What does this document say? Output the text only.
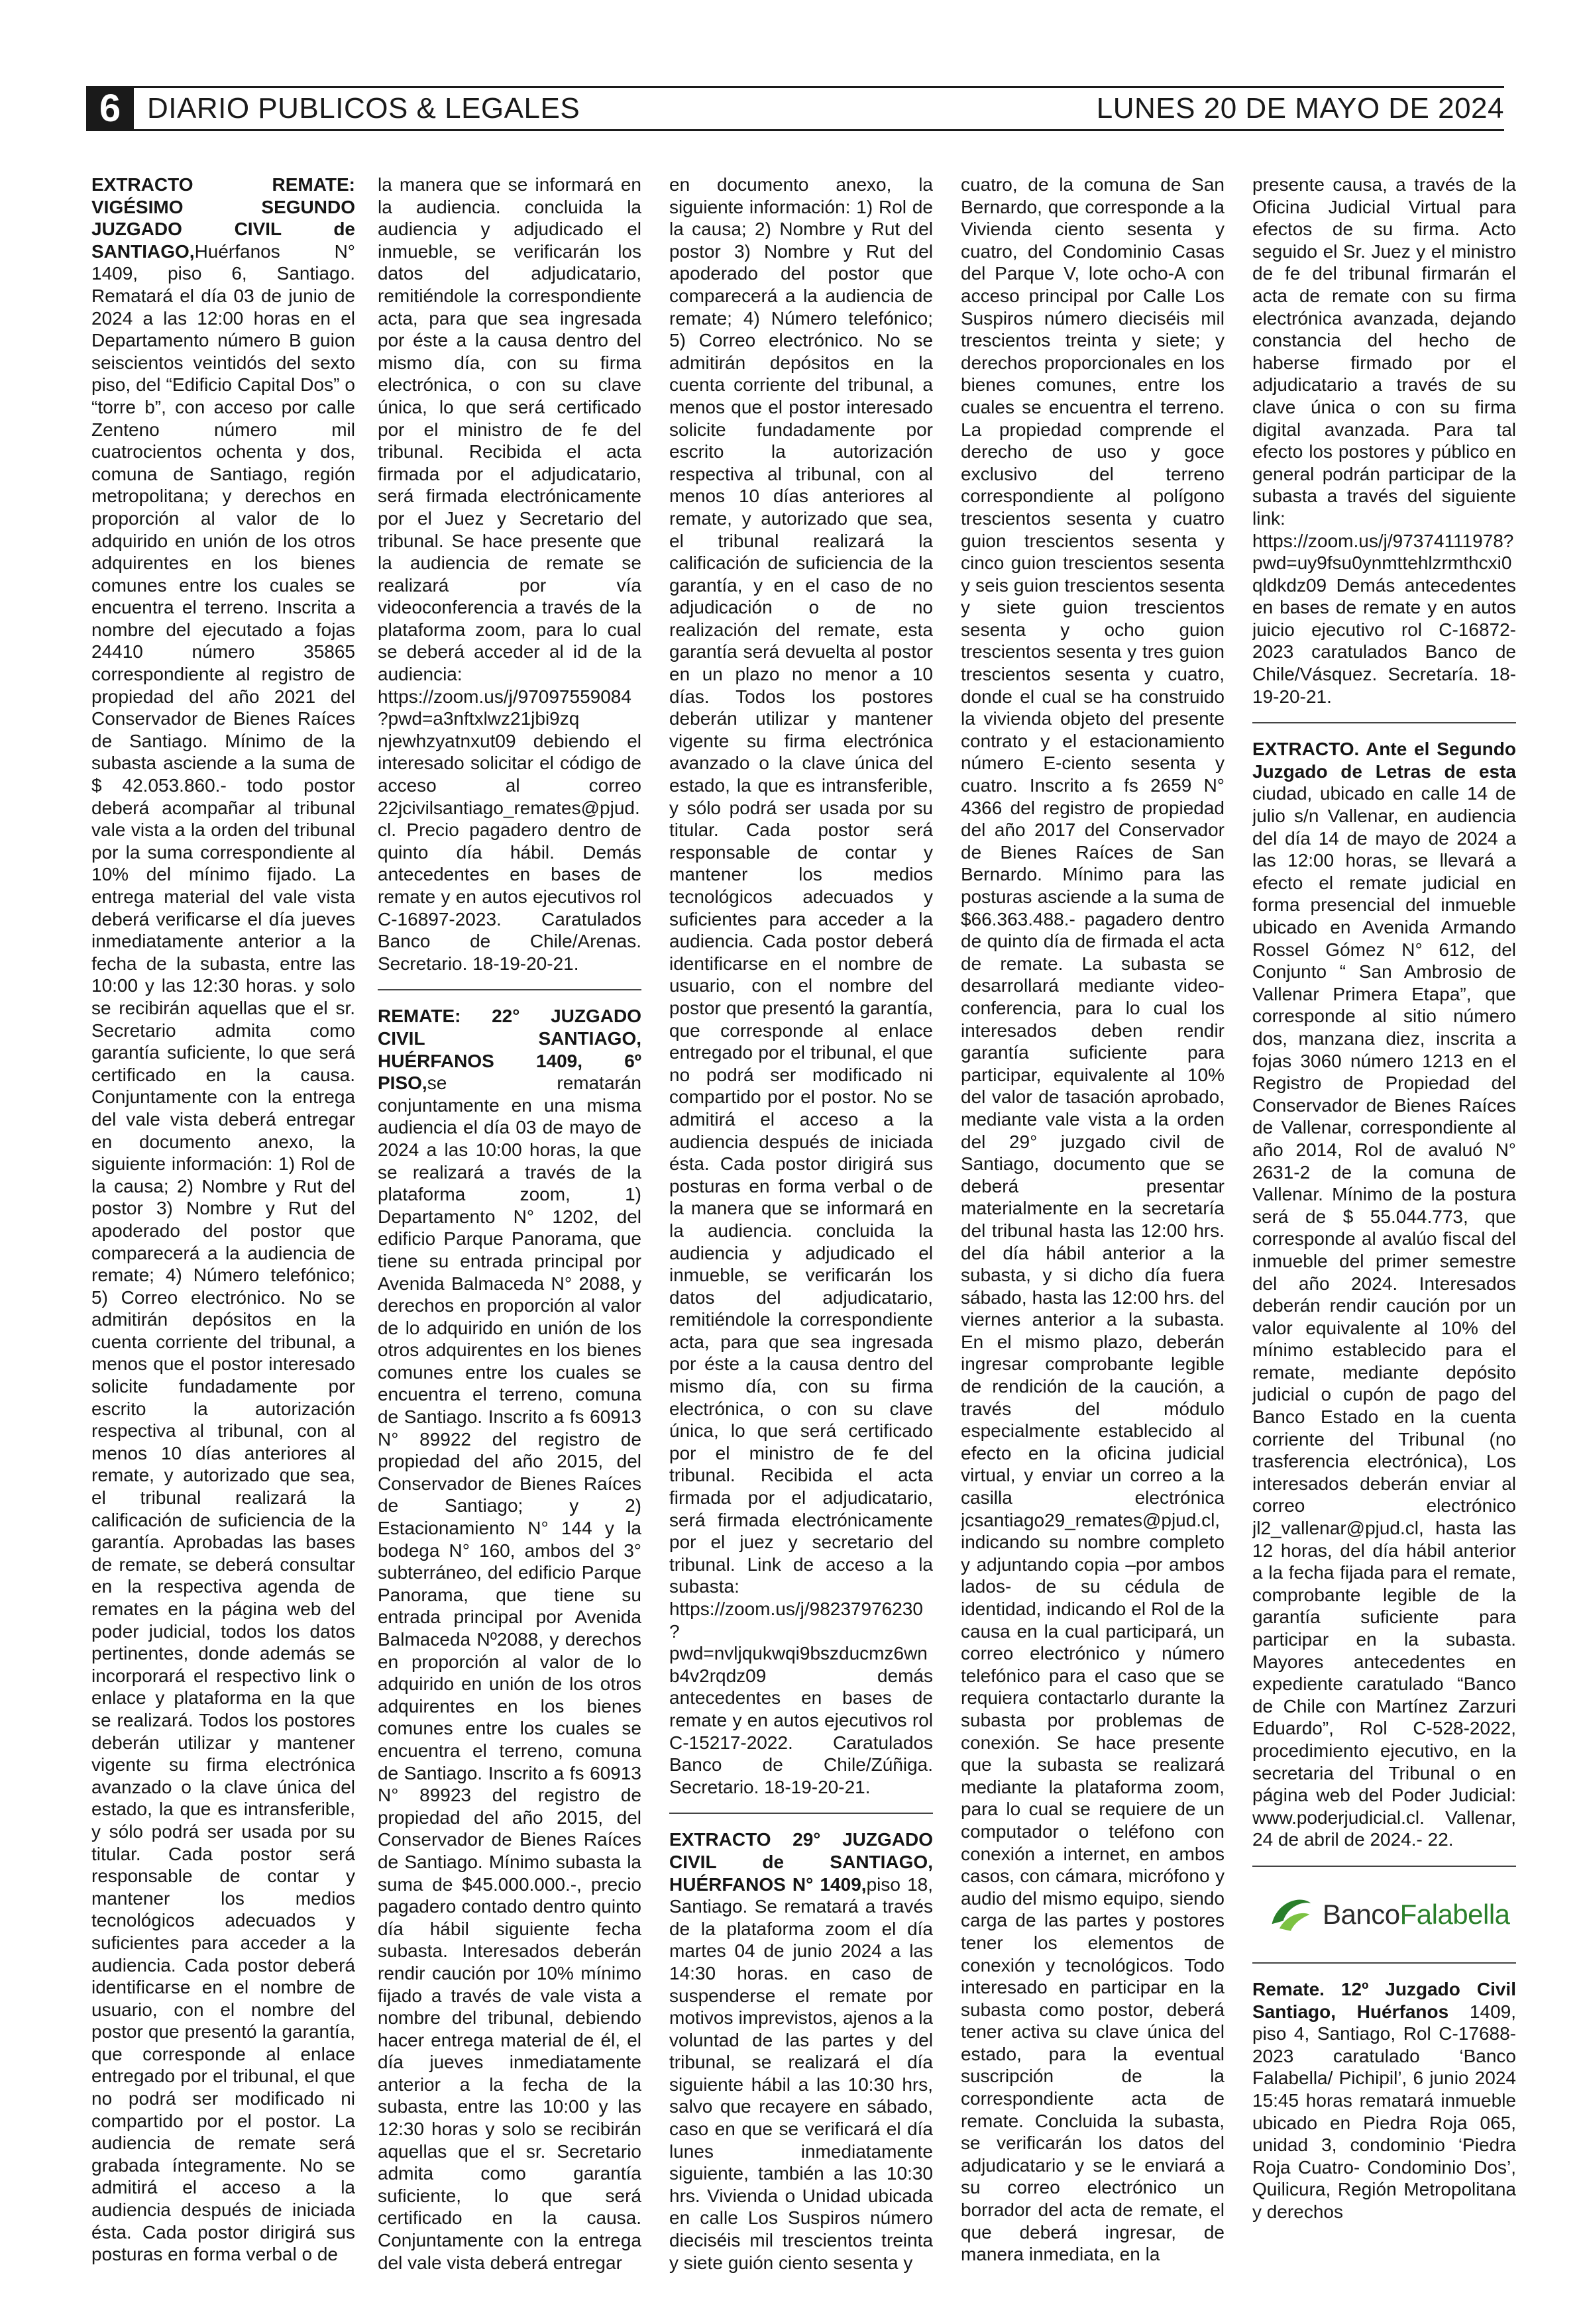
6 DIARIO PUBLICOS & LEGALES	LUNES 20 DE MAYO DE 2024

EXTRACTO REMATE: VIGÉSIMO SEGUNDO JUZGADO CIVIL de SANTIAGO,Huérfanos N° 1409, piso 6, Santiago. Rematará el día 03 de junio de 2024 a las 12:00 horas en el Departamento número B guion seiscientos veintidós del sexto piso, del “Edificio Capital Dos” o “torre b”, con acceso por calle Zenteno número mil cuatrocientos ochenta y dos, comuna de Santiago, región metropolitana; y derechos en proporción al valor de lo adquirido en unión de los otros adquirentes en los bienes comunes entre los cuales se encuentra el terreno. Inscrita a nombre del ejecutado a fojas 24410 número 35865 correspondiente al registro de propiedad del año 2021 del Conservador de Bienes Raíces de Santiago. Mínimo de la subasta asciende a la suma de $ 42.053.860.- todo postor deberá acompañar al tribunal vale vista a la orden del tribunal por la suma correspondiente al 10% del mínimo fijado. La entrega material del vale vista deberá verificarse el día jueves inmediatamente anterior a la fecha de la subasta, entre las 10:00 y las 12:30 horas. y solo se recibirán aquellas que el sr. Secretario admita como garantía suficiente, lo que será certificado en la causa. Conjuntamente con la entrega del vale vista deberá entregar en documento anexo, la siguiente información: 1) Rol de la causa; 2) Nombre y Rut del postor 3) Nombre y Rut del apoderado del postor que comparecerá a la audiencia de remate; 4) Número telefónico; 5) Correo electrónico. No se admitirán depósitos en la cuenta corriente del tribunal, a menos que el postor interesado solicite fundadamente por escrito la autorización respectiva al tribunal, con al menos 10 días anteriores al remate, y autorizado que sea, el tribunal realizará la calificación de suficiencia de la garantía. Aprobadas las bases de remate, se deberá consultar en la respectiva agenda de remates en la página web del poder judicial, todos los datos pertinentes, donde además se incorporará el respectivo link o enlace y plataforma en la que se realizará. Todos los postores deberán utilizar y mantener vigente su firma electrónica avanzado o la clave única del estado, la que es intransferible, y sólo podrá ser usada por su titular. Cada postor será responsable de contar y mantener los medios tecnológicos adecuados y suficientes para acceder a la audiencia. Cada postor deberá identificarse en el nombre de usuario, con el nombre del postor que presentó la garantía, que corresponde al enlace entregado por el tribunal, el que no podrá ser modificado ni compartido por el postor. La audiencia de remate será grabada íntegramente. No se admitirá el acceso a la audiencia después de iniciada ésta. Cada postor dirigirá sus posturas en forma verbal o de

la manera que se informará en la audiencia. concluida la audiencia y adjudicado el inmueble, se verificarán los datos del adjudicatario, remitiéndole la correspondiente acta, para que sea ingresada por éste a la causa dentro del mismo día, con su firma electrónica, o con su clave única, lo que será certificado por el ministro de fe del tribunal. Recibida el acta firmada por el adjudicatario, será firmada electrónicamente por el Juez y Secretario del tribunal. Se hace presente que la audiencia de remate se realizará por vía videoconferencia a través de la plataforma zoom, para lo cual se deberá acceder al id de la audiencia: https://zoom.us/j/97097559084?pwd=a3nftxlwz21jbi9zq njewhzyatnxut09 debiendo el interesado solicitar el código de acceso al correo 22jcivilsantiago_remates@pjud.cl. Precio pagadero dentro de quinto día hábil. Demás antecedentes en bases de remate y en autos ejecutivos rol C-16897-2023. Caratulados Banco de Chile/Arenas. Secretario. 18-19-20-21.

REMATE: 22° JUZGADO CIVIL SANTIAGO, HUÉRFANOS 1409, 6º PISO,se rematarán conjuntamente en una misma audiencia el día 03 de mayo de 2024 a las 10:00 horas, la que se realizará a través de la plataforma zoom, 1) Departamento N° 1202, del edificio Parque Panorama, que tiene su entrada principal por Avenida Balmaceda N° 2088, y derechos en proporción al valor de lo adquirido en unión de los otros adquirentes en los bienes comunes entre los cuales se encuentra el terreno, comuna de Santiago. Inscrito a fs 60913 N° 89922 del registro de propiedad del año 2015, del Conservador de Bienes Raíces de Santiago; y 2) Estacionamiento N° 144 y la bodega N° 160, ambos del 3° subterráneo, del edificio Parque Panorama, que tiene su entrada principal por Avenida Balmaceda Nº2088, y derechos en proporción al valor de lo adquirido en unión de los otros adquirentes en los bienes comunes entre los cuales se encuentra el terreno, comuna de Santiago. Inscrito a fs 60913 N° 89923 del registro de propiedad del año 2015, del Conservador de Bienes Raíces de Santiago. Mínimo subasta la suma de $45.000.000.-, precio pagadero contado dentro quinto día hábil siguiente fecha subasta. Interesados deberán rendir caución por 10% mínimo fijado a través de vale vista a nombre del tribunal, debiendo hacer entrega material de él, el día jueves inmediatamente anterior a la fecha de la subasta, entre las 10:00 y las 12:30 horas y solo se recibirán aquellas que el sr. Secretario admita como garantía suficiente, lo que será certificado en la causa. Conjuntamente con la entrega del vale vista deberá entregar

en documento anexo, la siguiente información: 1) Rol de la causa; 2) Nombre y Rut del postor 3) Nombre y Rut del apoderado del postor que comparecerá a la audiencia de remate; 4) Número telefónico; 5) Correo electrónico. No se admitirán depósitos en la cuenta corriente del tribunal, a menos que el postor interesado solicite fundadamente por escrito la autorización respectiva al tribunal, con al menos 10 días anteriores al remate, y autorizado que sea, el tribunal realizará la calificación de suficiencia de la garantía, y en el caso de no adjudicación o de no realización del remate, esta garantía será devuelta al postor en un plazo no menor a 10 días. Todos los postores deberán utilizar y mantener vigente su firma electrónica avanzado o la clave única del estado, la que es intransferible, y sólo podrá ser usada por su titular. Cada postor será responsable de contar y mantener los medios tecnológicos adecuados y suficientes para acceder a la audiencia. Cada postor deberá identificarse en el nombre de usuario, con el nombre del postor que presentó la garantía, que corresponde al enlace entregado por el tribunal, el que no podrá ser modificado ni compartido por el postor. No se admitirá el acceso a la audiencia después de iniciada ésta. Cada postor dirigirá sus posturas en forma verbal o de la manera que se informará en la audiencia. concluida la audiencia y adjudicado el inmueble, se verificarán los datos del adjudicatario, remitiéndole la correspondiente acta, para que sea ingresada por éste a la causa dentro del mismo día, con su firma electrónica, o con su clave única, lo que será certificado por el ministro de fe del tribunal. Recibida el acta firmada por el adjudicatario, será firmada electrónicamente por el juez y secretario del tribunal. Link de acceso a la subasta: https://zoom.us/j/98237976230?pwd=nvljqukwqi9bszducmz6wnb4v2rqdz09 demás antecedentes en bases de remate y en autos ejecutivos rol C-15217-2022. Caratulados Banco de Chile/Zúñiga. Secretario. 18-19-20-21.

EXTRACTO 29° JUZGADO CIVIL de SANTIAGO, HUÉRFANOS N° 1409,piso 18, Santiago. Se rematará a través de la plataforma zoom el día martes 04 de junio 2024 a las 14:30 horas. en caso de suspenderse el remate por motivos imprevistos, ajenos a la voluntad de las partes y del tribunal, se realizará el día siguiente hábil a las 10:30 hrs, salvo que recayere en sábado, caso en que se verificará el día lunes inmediatamente siguiente, también a las 10:30 hrs. Vivienda o Unidad ubicada en calle Los Suspiros número dieciséis mil trescientos treinta y siete guión ciento sesenta y

cuatro, de la comuna de San Bernardo, que corresponde a la Vivienda ciento sesenta y cuatro, del Condominio Casas del Parque V, lote ocho-A con acceso principal por Calle Los Suspiros número dieciséis mil trescientos treinta y siete; y derechos proporcionales en los bienes comunes, entre los cuales se encuentra el terreno. La propiedad comprende el derecho de uso y goce exclusivo del terreno correspondiente al polígono trescientos sesenta y cuatro guion trescientos sesenta y cinco guion trescientos sesenta y seis guion trescientos sesenta y siete guion trescientos sesenta y ocho guion trescientos sesenta y tres guion trescientos sesenta y cuatro, donde el cual se ha construido la vivienda objeto del presente contrato y el estacionamiento número E-ciento sesenta y cuatro. Inscrito a fs 2659 N° 4366 del registro de propiedad del año 2017 del Conservador de Bienes Raíces de San Bernardo. Mínimo para las posturas asciende a la suma de $66.363.488.- pagadero dentro de quinto día de firmada el acta de remate. La subasta se desarrollará mediante video-conferencia, para lo cual los interesados deben rendir garantía suficiente para participar, equivalente al 10% del valor de tasación aprobado, mediante vale vista a la orden del 29° juzgado civil de Santiago, documento que se deberá presentar materialmente en la secretaría del tribunal hasta las 12:00 hrs. del día hábil anterior a la subasta, y si dicho día fuera sábado, hasta las 12:00 hrs. del viernes anterior a la subasta. En el mismo plazo, deberán ingresar comprobante legible de rendición de la caución, a través del módulo especialmente establecido al efecto en la oficina judicial virtual, y enviar un correo a la casilla electrónica jcsantiago29_remates@pjud.cl, indicando su nombre completo y adjuntando copia –por ambos lados- de su cédula de identidad, indicando el Rol de la causa en la cual participará, un correo electrónico y número telefónico para el caso que se requiera contactarlo durante la subasta por problemas de conexión. Se hace presente que la subasta se realizará mediante la plataforma zoom, para lo cual se requiere de un computador o teléfono con conexión a internet, en ambos casos, con cámara, micrófono y audio del mismo equipo, siendo carga de las partes y postores tener los elementos de conexión y tecnológicos. Todo interesado en participar en la subasta como postor, deberá tener activa su clave única del estado, para la eventual suscripción de la correspondiente acta de remate. Concluida la subasta, se verificarán los datos del adjudicatario y se le enviará a su correo electrónico un borrador del acta de remate, el que deberá ingresar, de manera inmediata, en la

presente causa, a través de la Oficina Judicial Virtual para efectos de su firma. Acto seguido el Sr. Juez y el ministro de fe del tribunal firmarán el acta de remate con su firma electrónica avanzada, dejando constancia del hecho de haberse firmado por el adjudicatario a través de su clave única o con su firma digital avanzada. Para tal efecto los postores y público en general podrán participar de la subasta a través del siguiente link: https://zoom.us/j/97374111978?pwd=uy9fsu0ynmttehlzrmthcxi0qldkdz09 Demás antecedentes en bases de remate y en autos juicio ejecutivo rol C-16872-2023 caratulados Banco de Chile/Vásquez. Secretaría. 18-19-20-21.

EXTRACTO. Ante el Segundo Juzgado de Letras de esta ciudad, ubicado en calle 14 de julio s/n Vallenar, en audiencia del día 14 de mayo de 2024 a las 12:00 horas, se llevará a efecto el remate judicial en forma presencial del inmueble ubicado en Avenida Armando Rossel Gómez N° 612, del Conjunto “ San Ambrosio de Vallenar Primera Etapa”, que corresponde al sitio número dos, manzana diez, inscrita a fojas 3060 número 1213 en el Registro de Propiedad del Conservador de Bienes Raíces de Vallenar, correspondiente al año 2014, Rol de avaluó N° 2631-2 de la comuna de Vallenar. Mínimo de la postura será de $ 55.044.773, que corresponde al avalúo fiscal del inmueble del primer semestre del año 2024. Interesados deberán rendir caución por un valor equivalente al 10% del mínimo establecido para el remate, mediante depósito judicial o cupón de pago del Banco Estado en la cuenta corriente del Tribunal (no trasferencia electrónica), Los interesados deberán enviar al correo electrónico jl2_vallenar@pjud.cl, hasta las 12 horas, del día hábil anterior a la fecha fijada para el remate, comprobante legible de la garantía suficiente para participar en la subasta. Mayores antecedentes en expediente caratulado “Banco de Chile con Martínez Zarzuri Eduardo”, Rol C-528-2022, procedimiento ejecutivo, en la secretaria del Tribunal o en página web del Poder Judicial: www.poderjudicial.cl. Vallenar, 24 de abril de 2024.- 22.

BancoFalabella

Remate. 12º Juzgado Civil Santiago, Huérfanos 1409, piso 4, Santiago, Rol C-17688-2023 caratulado ‘Banco Falabella/ Pichipil’, 6 junio 2024 15:45 horas rematará inmueble ubicado en Piedra Roja 065, unidad 3, condominio ‘Piedra Roja Cuatro- Condominio Dos’, Quilicura, Región Metropolitana y derechos
